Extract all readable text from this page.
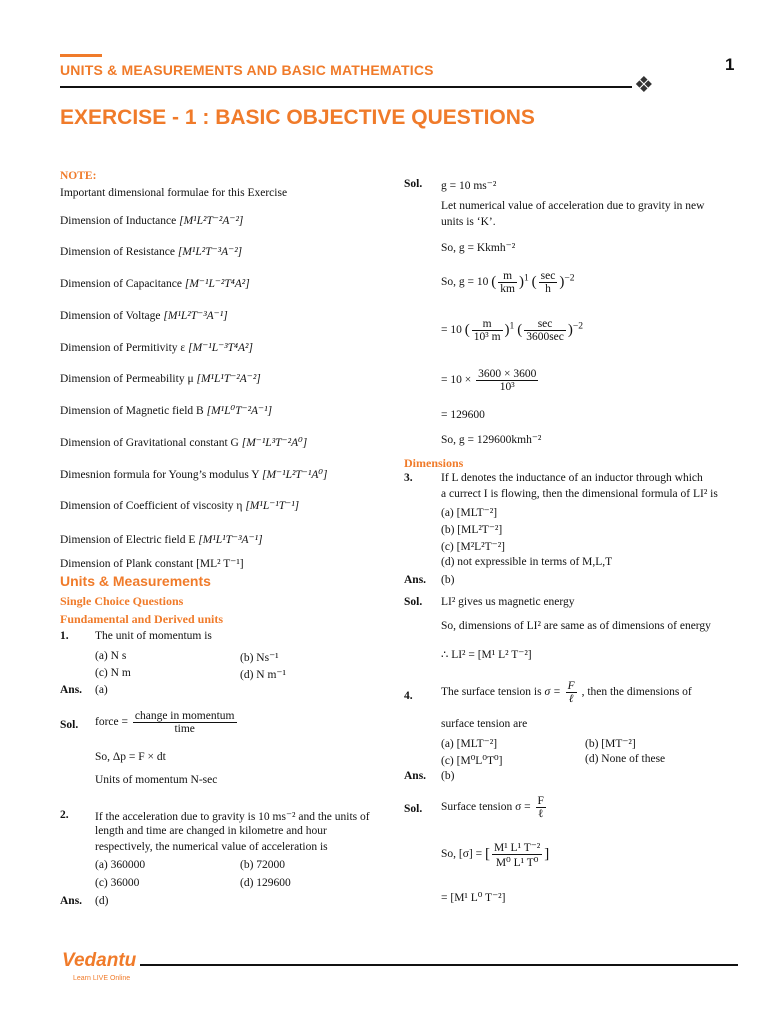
UNITS & MEASUREMENTS AND BASIC MATHEMATICS	1
❖
EXERCISE - 1 : BASIC OBJECTIVE QUESTIONS
NOTE:
Important dimensional formulae for this Exercise
Dimension of Inductance [M¹L²T⁻²A⁻²]
Dimension of Resistance [M¹L²T⁻³A⁻²]
Dimension of Capacitance [M⁻¹L⁻²T⁴A²]
Dimension of Voltage [M¹L²T⁻³A⁻¹]
Dimension of Permitivity ε [M⁻¹L⁻³T⁴A²]
Dimension of Permeability μ [M¹L¹T⁻²A⁻²]
Dimension of Magnetic field B [M¹L⁰T⁻²A⁻¹]
Dimension of Gravitational constant G [M⁻¹L³T⁻²A⁰]
Dimesnion formula for Young’s modulus Y [M⁻¹L²T⁻¹A⁰]
Dimension of Coefficient of viscosity η [M¹L⁻¹T⁻¹]
Dimension of Electric field E [M¹L¹T⁻³A⁻¹]
Dimension of Plank constant [ML² T⁻¹]
Units & Measurements
Single Choice Questions
Fundamental and Derived units
1. The unit of momentum is
(a) N s	(b) Ns⁻¹
(c) N m	(d) N m⁻¹
Ans. (a)
Sol. force = $\frac{\text{change in momentum}}{\text{time}}$
So, Δp = F × dt
Units of momentum N-sec
2. If the acceleration due to gravity is 10 ms⁻² and the units of
length and time are changed in kilometre and hour
respectively, the numerical value of acceleration is
(a) 360000	(b) 72000
(c) 36000	(d) 129600
Ans. (d)
Sol. g = 10 ms⁻²
Let numerical value of acceleration due to gravity in new
units is ‘K’.
So, g = Kkmh⁻²
So, g = 10 ( $\frac{m}{km} )^1$ ( $\frac{\sec}{h} )^{-2}$
= 10 ( $\frac{m}{\text{10³ m}} )^1$ ( $\frac{\sec}{3600\sec} )^{-2}$
= $10 \times \frac{3600 \times 3600}{\text{10³}}$
= 129600
So, g = 129600kmh⁻²
Dimensions
3. If L denotes the inductance of an inductor through which
a currect I is flowing, then the dimensional formula of LI² is
(a) [MLT⁻²]
(b) [ML²T⁻²]
(c) [M²L²T⁻²]
(d) not expressible in terms of M,L,T
Ans. (b)
Sol. LI² gives us magnetic energy
So, dimensions of LI² are same as of dimensions of energy
∴ LI² = [M¹ L² T⁻²]
4. The surface tension is $\sigma = \frac{F}{\text{ℓ}}$ , then the dimensions of
surface tension are
(a) [MLT⁻²]	(b) [MT⁻²]
(c) [M⁰L⁰T⁰]	(d) None of these
Ans. (b)
Sol. Surface tension $\sigma = \frac{F}{\text{ℓ}}$
So, [σ] = [ $\frac{\text{M¹ L¹ T⁻²}}{\text{M⁰ L¹ T⁰}}$ ]
= [M¹ L⁰ T⁻²]
Vedantu
Learn LIVE Online
